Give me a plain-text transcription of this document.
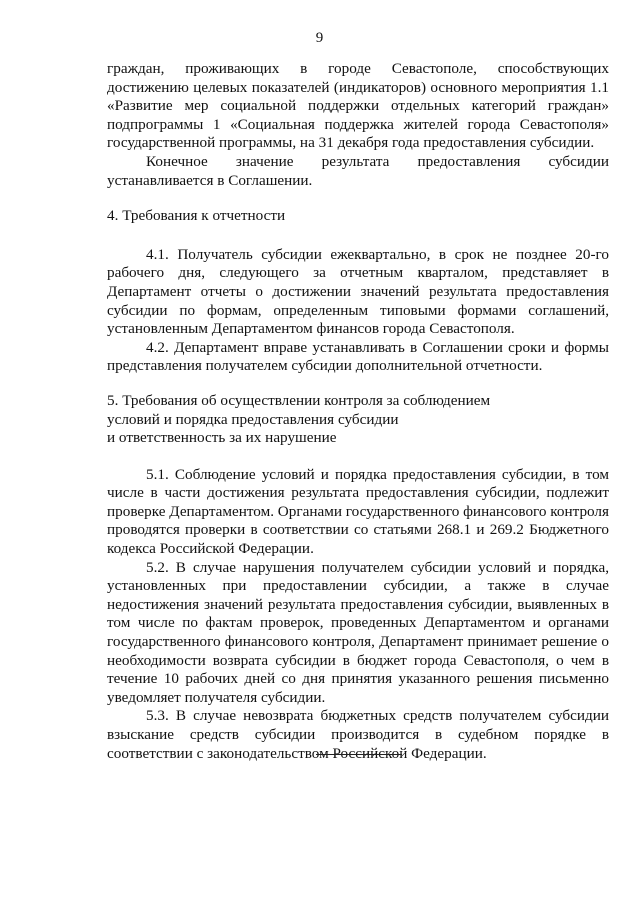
9

граждан, проживающих в городе Севастополе, способствующих достижению целевых показателей (индикаторов) основного мероприятия 1.1 «Развитие мер социальной поддержки отдельных категорий граждан» подпрограммы 1 «Социальная поддержка жителей города Севастополя» государственной программы, на 31 декабря года предоставления субсидии.

Конечное значение результата предоставления субсидии устанавливается в Соглашении.

4. Требования к отчетности

4.1. Получатель субсидии ежеквартально, в срок не позднее 20-го рабочего дня, следующего за отчетным кварталом, представляет в Департамент отчеты о достижении значений результата предоставления субсидии по формам, определенным типовыми формами соглашений, установленным Департаментом финансов города Севастополя.

4.2. Департамент вправе устанавливать в Соглашении сроки и формы представления получателем субсидии дополнительной отчетности.

5. Требования об осуществлении контроля за соблюдением

условий и порядка предоставления субсидии

и ответственность за их нарушение

5.1. Соблюдение условий и порядка предоставления субсидии, в том числе в части достижения результата предоставления субсидии, подлежит проверке Департаментом. Органами государственного финансового контроля проводятся проверки в соответствии со статьями 268.1 и 269.2 Бюджетного кодекса Российской Федерации.

5.2. В случае нарушения получателем субсидии условий и порядка, установленных при предоставлении субсидии, а также в случае недостижения значений результата предоставления субсидии, выявленных в том числе по фактам проверок, проведенных Департаментом и органами государственного финансового контроля, Департамент принимает решение о необходимости возврата субсидии в бюджет города Севастополя, о чем в течение 10 рабочих дней со дня принятия указанного решения письменно уведомляет получателя субсидии.

5.3. В случае невозврата бюджетных средств получателем субсидии взыскание средств субсидии производится в судебном порядке в соответствии с законодательством Российской Федерации.
